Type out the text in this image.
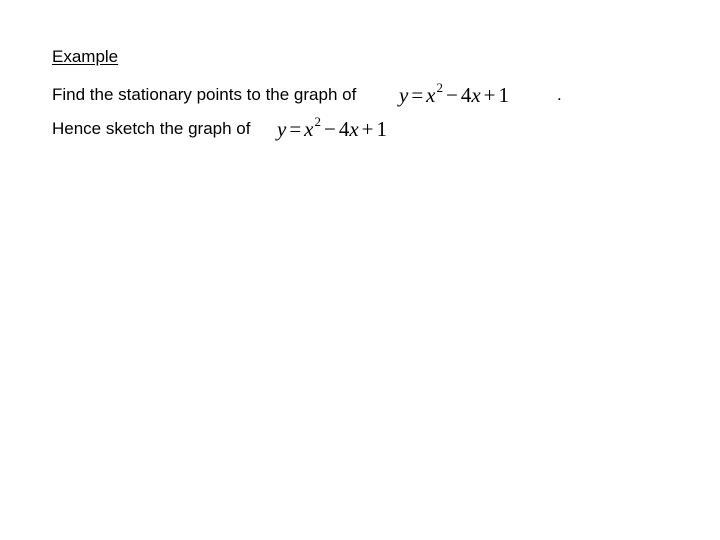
Example
Find the stationary points to the graph of $y = x^2 - 4x + 1$	.
Hence sketch the graph of $y = x^2 - 4x + 1$
